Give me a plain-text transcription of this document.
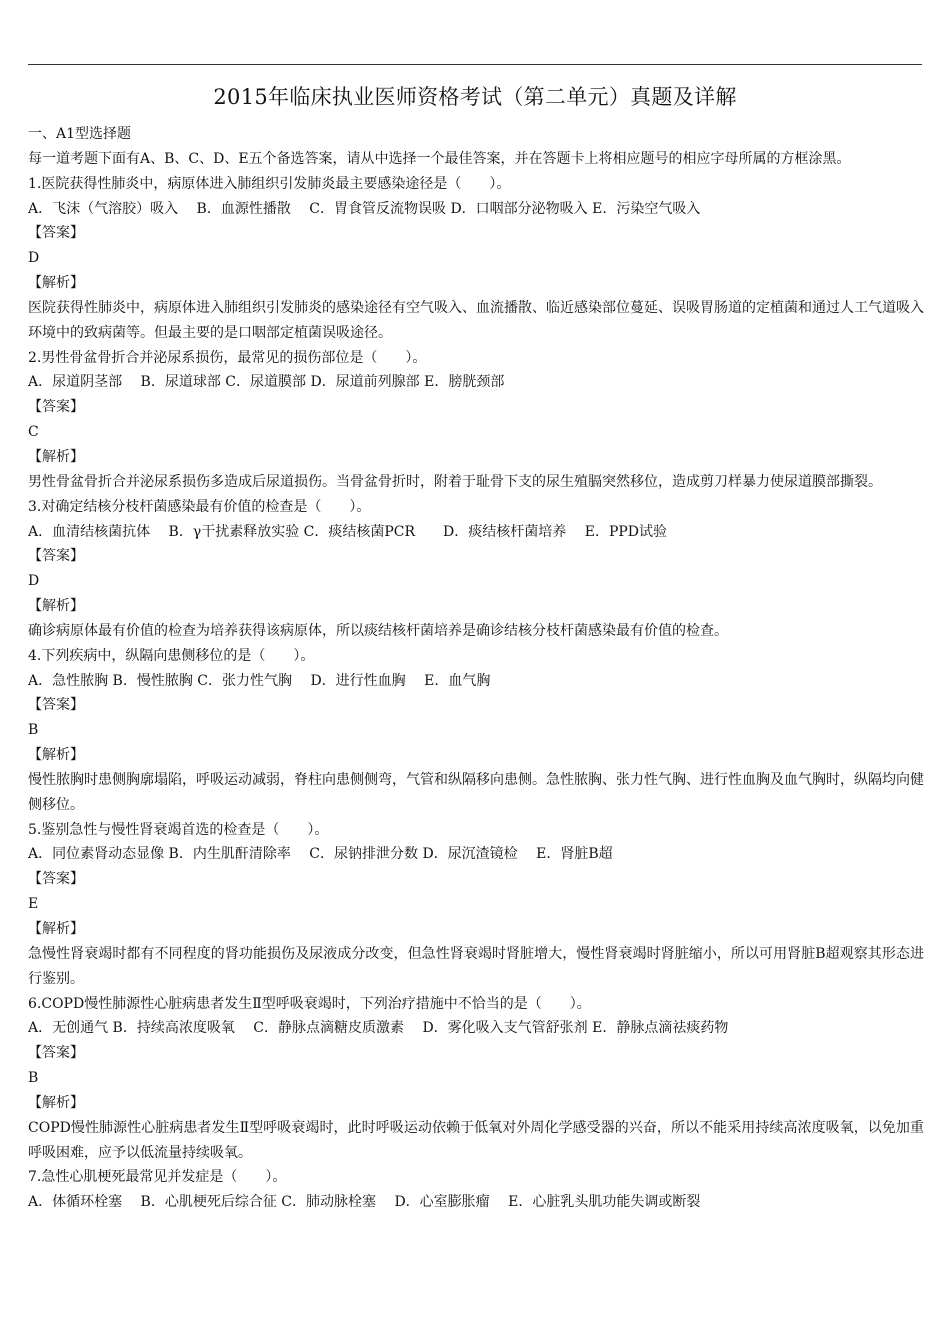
2015年临床执业医师资格考试（第二单元）真题及详解
一、A1型选择题
每一道考题下面有A、B、C、D、E五个备选答案，请从中选择一个最佳答案，并在答题卡上将相应题号的相应字母所属的方框涂黑。
1.医院获得性肺炎中，病原体进入肺组织引发肺炎最主要感染途径是（　　）。
A．飞沫（气溶胶）吸入　 B．血源性播散　 C．胃食管反流物误吸 D．口咽部分泌物吸入 E．污染空气吸入
【答案】
D
【解析】
医院获得性肺炎中，病原体进入肺组织引发肺炎的感染途径有空气吸入、血流播散、临近感染部位蔓延、误吸胃肠道的定植菌和通过人工气道吸入环境中的致病菌等。但最主要的是口咽部定植菌误吸途径。
2.男性骨盆骨折合并泌尿系损伤，最常见的损伤部位是（　　）。
A．尿道阴茎部　 B．尿道球部 C．尿道膜部 D．尿道前列腺部 E．膀胱颈部
【答案】
C
【解析】
男性骨盆骨折合并泌尿系损伤多造成后尿道损伤。当骨盆骨折时，附着于耻骨下支的尿生殖膈突然移位，造成剪刀样暴力使尿道膜部撕裂。
3.对确定结核分枝杆菌感染最有价值的检查是（　　）。
A．血清结核菌抗体　 B．γ干扰素释放实验 C．痰结核菌PCR　　D．痰结核杆菌培养　 E．PPD试验
【答案】
D
【解析】
确诊病原体最有价值的检查为培养获得该病原体，所以痰结核杆菌培养是确诊结核分枝杆菌感染最有价值的检查。
4.下列疾病中，纵隔向患侧移位的是（　　）。
A．急性脓胸 B．慢性脓胸 C．张力性气胸　 D．进行性血胸　 E．血气胸
【答案】
B
【解析】
慢性脓胸时患侧胸廓塌陷，呼吸运动减弱，脊柱向患侧侧弯，气管和纵隔移向患侧。急性脓胸、张力性气胸、进行性血胸及血气胸时，纵隔均向健侧移位。
5.鉴别急性与慢性肾衰竭首选的检查是（　　）。
A．同位素肾动态显像 B．内生肌酐清除率　 C．尿钠排泄分数 D．尿沉渣镜检　 E．肾脏B超
【答案】
E
【解析】
急慢性肾衰竭时都有不同程度的肾功能损伤及尿液成分改变，但急性肾衰竭时肾脏增大，慢性肾衰竭时肾脏缩小，所以可用肾脏B超观察其形态进行鉴别。
6.COPD慢性肺源性心脏病患者发生Ⅱ型呼吸衰竭时，下列治疗措施中不恰当的是（　　）。
A．无创通气 B．持续高浓度吸氧　 C．静脉点滴糖皮质激素　 D．雾化吸入支气管舒张剂 E．静脉点滴祛痰药物
【答案】
B
【解析】
COPD慢性肺源性心脏病患者发生Ⅱ型呼吸衰竭时，此时呼吸运动依赖于低氧对外周化学感受器的兴奋，所以不能采用持续高浓度吸氧，以免加重呼吸困难，应予以低流量持续吸氧。
7.急性心肌梗死最常见并发症是（　　）。
A．体循环栓塞　 B．心肌梗死后综合征 C．肺动脉栓塞　 D．心室膨胀瘤　 E．心脏乳头肌功能失调或断裂
